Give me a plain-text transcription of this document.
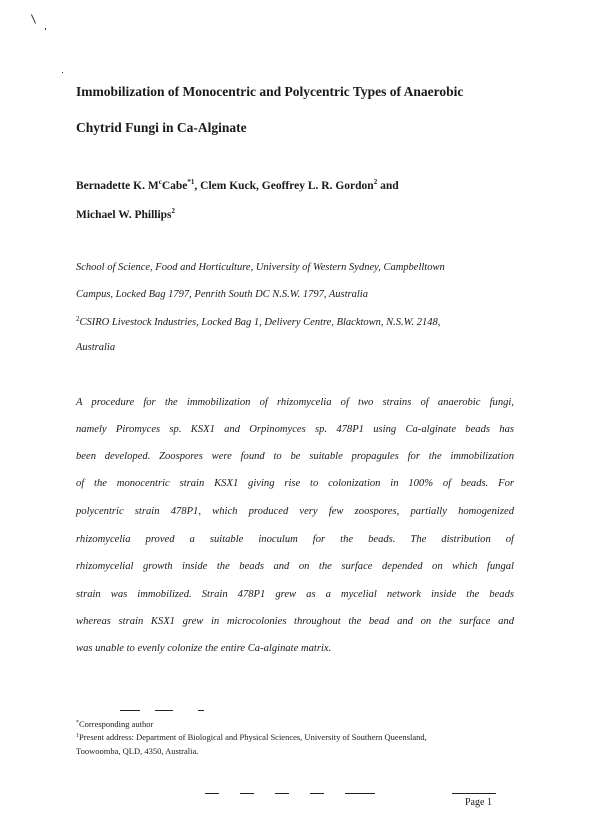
Immobilization of Monocentric and Polycentric Types of Anaerobic
Chytrid Fungi in Ca-Alginate
Bernadette K. $M^cCabe^{*1}$, Clem Kuck, Geoffrey L. R. Gordon$^2$ and
Michael W. Phillips$^2$
School of Science, Food and Horticulture, University of Western Sydney, Campbelltown
Campus, Locked Bag 1797, Penrith South DC N.S.W. 1797, Australia
$^2$CSIRO Livestock Industries, Locked Bag 1, Delivery Centre, Blacktown, N.S.W. 2148,
Australia
A procedure for the immobilization of rhizomycelia of two strains of anaerobic fungi,
namely Piromyces sp. KSX1 and Orpinomyces sp. 478P1 using Ca-alginate beads has
been developed. Zoospores were found to be suitable propagules for the immobilization
of the monocentric strain KSX1 giving rise to colonization in 100% of beads. For
polycentric strain 478P1, which produced very few zoospores, partially homogenized
rhizomycelia proved a suitable inoculum for the beads. The distribution of
rhizomycelial growth inside the beads and on the surface depended on which fungal
strain was immobilized. Strain 478P1 grew as a mycelial network inside the beads
whereas strain KSX1 grew in microcolonies throughout the bead and on the surface and
was unable to evenly colonize the entire Ca-alginate matrix.
*Corresponding author
$^1$Present address: Department of Biological and Physical Sciences, University of Southern Queensland,
Toowoomba, QLD, 4350, Australia.
Page 1
